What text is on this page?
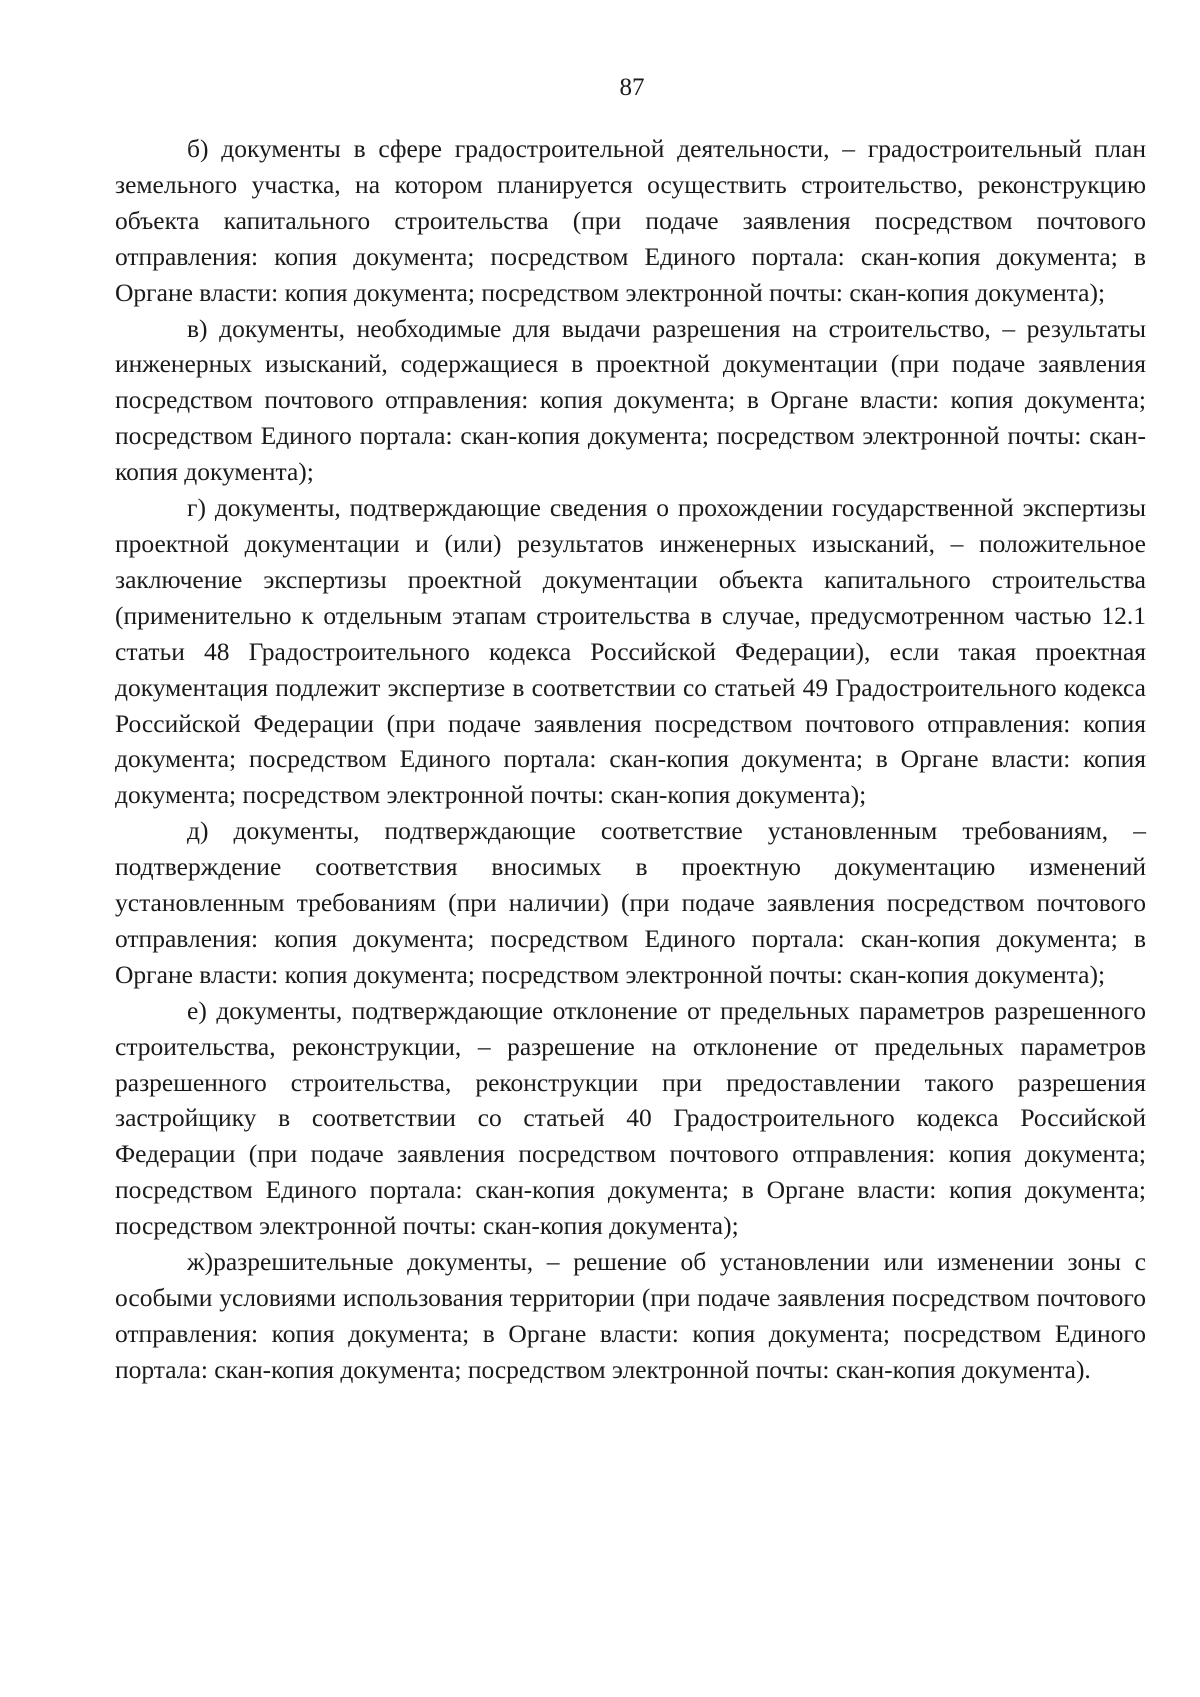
87

б) документы в сфере градостроительной деятельности, – градостроительный план земельного участка, на котором планируется осуществить строительство, реконструкцию объекта капитального строительства (при подаче заявления посредством почтового отправления: копия документа; посредством Единого портала: скан-копия документа; в Органе власти: копия документа; посредством электронной почты: скан-копия документа);

в) документы, необходимые для выдачи разрешения на строительство, – результаты инженерных изысканий, содержащиеся в проектной документации (при подаче заявления посредством почтового отправления: копия документа; в Органе власти: копия документа; посредством Единого портала: скан-копия документа; посредством электронной почты: скан-копия документа);

г) документы, подтверждающие сведения о прохождении государственной экспертизы проектной документации и (или) результатов инженерных изысканий, – положительное заключение экспертизы проектной документации объекта капитального строительства (применительно к отдельным этапам строительства в случае, предусмотренном частью 12.1 статьи 48 Градостроительного кодекса Российской Федерации), если такая проектная документация подлежит экспертизе в соответствии со статьей 49 Градостроительного кодекса Российской Федерации (при подаче заявления посредством почтового отправления: копия документа; посредством Единого портала: скан-копия документа; в Органе власти: копия документа; посредством электронной почты: скан-копия документа);

д) документы, подтверждающие соответствие установленным требованиям, – подтверждение соответствия вносимых в проектную документацию изменений установленным требованиям (при наличии) (при подаче заявления посредством почтового отправления: копия документа; посредством Единого портала: скан-копия документа; в Органе власти: копия документа; посредством электронной почты: скан-копия документа);

е) документы, подтверждающие отклонение от предельных параметров разрешенного строительства, реконструкции, – разрешение на отклонение от предельных параметров разрешенного строительства, реконструкции при предоставлении такого разрешения застройщику в соответствии со статьей 40 Градостроительного кодекса Российской Федерации (при подаче заявления посредством почтового отправления: копия документа; посредством Единого портала: скан-копия документа; в Органе власти: копия документа; посредством электронной почты: скан-копия документа);

ж)разрешительные документы, – решение об установлении или изменении зоны с особыми условиями использования территории (при подаче заявления посредством почтового отправления: копия документа; в Органе власти: копия документа; посредством Единого портала: скан-копия документа; посредством электронной почты: скан-копия документа).
